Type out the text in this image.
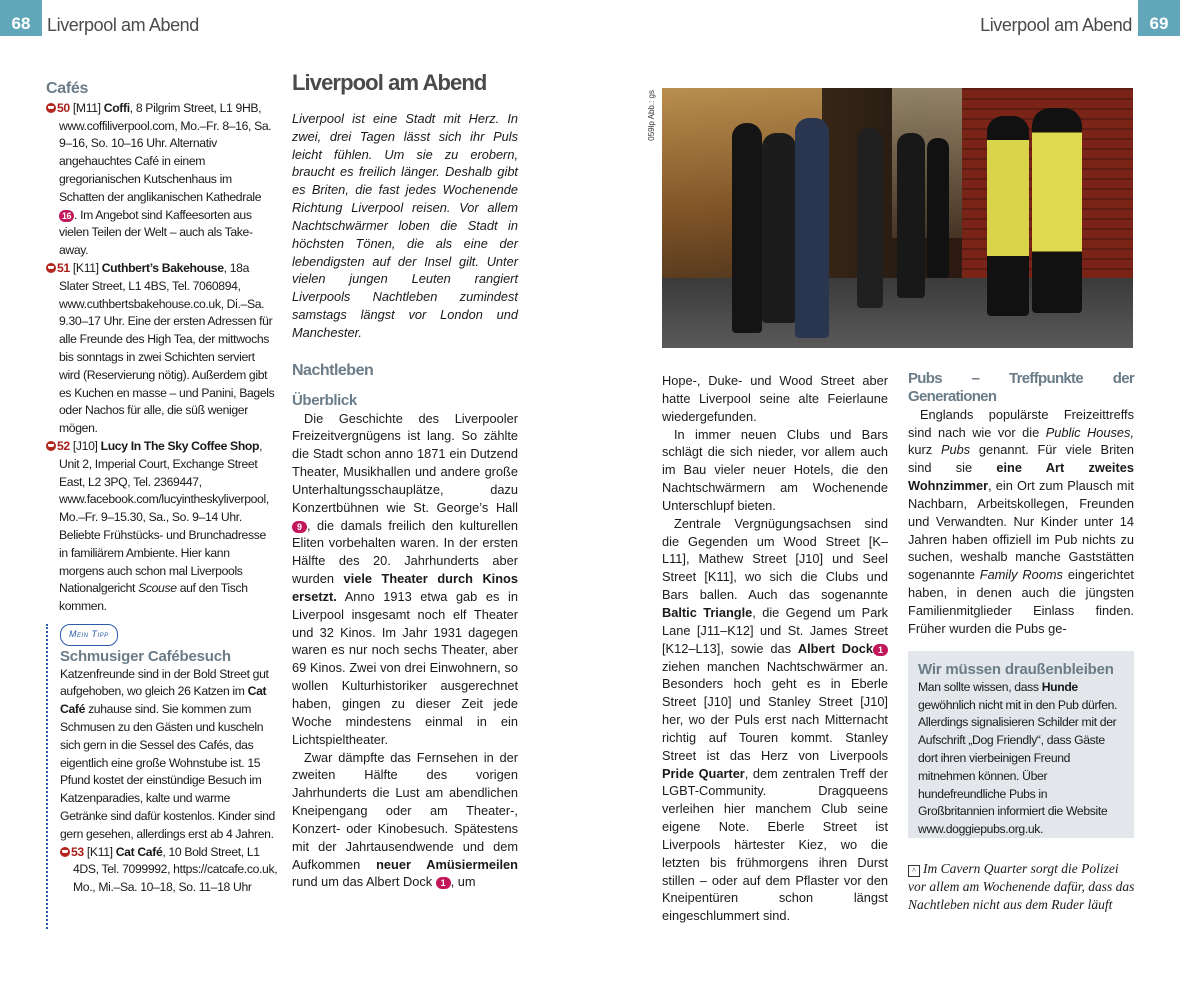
68 Liverpool am Abend	Liverpool am Abend	69
Cafés

50 [M11] Coffi, 8 Pilgrim Street, L1 9HB, www.coffiliverpool.com, Mo.–Fr. 8–16, Sa. 9–16, So. 10–16 Uhr. Alternativ angehauchtes Café in einem gregorianischen Kutschenhaus im Schatten der anglikanischen Kathedrale 16 . Im Angebot sind Kaffeesorten aus vielen Teilen der Welt – auch als Take-away.

51 [K11] Cuthbert’s Bakehouse, 18a Slater Street, L1 4BS, Tel. 7060894, www.cuthbertsbakehouse.co.uk, Di.–Sa. 9.30–17 Uhr. Eine der ersten Adressen für alle Freunde des High Tea, der mittwochs bis sonntags in zwei Schichten serviert wird (Reservierung nötig). Außerdem gibt es Kuchen en masse – und Panini, Bagels oder Nachos für alle, die süß weniger mögen.

52 [J10] Lucy In The Sky Coffee Shop, Unit 2, Imperial Court, Exchange Street East, L2 3PQ, Tel. 2369447, www.facebook.com/lucyintheskyliverpool, Mo.–Fr. 9–15.30, Sa., So. 9–14 Uhr. Beliebte Frühstücks- und Brunchadresse in familiärem Ambiente. Hier kann morgens auch schon mal Liverpools Nationalgericht Scouse auf den Tisch kommen.

Mein Tipp
Schmusiger Cafébesuch

Katzenfreunde sind in der Bold Street gut aufgehoben, wo gleich 26 Katzen im Cat Café zuhause sind. Sie kommen zum Schmusen zu den Gästen und kuscheln sich gern in die Sessel des Cafés, das eigentlich eine große Wohnstube ist. 15 Pfund kostet der einstündige Besuch im Katzenparadies, kalte und warme Getränke sind dafür kostenlos. Kinder sind gern gesehen, allerdings erst ab 4 Jahren.

53 [K11] Cat Café, 10 Bold Street, L1 4DS, Tel. 7099992, https://catcafe.co.uk, Mo., Mi.–Sa. 10–18, So. 11–18 Uhr

Liverpool am Abend

Liverpool ist eine Stadt mit Herz. In zwei, drei Tagen lässt sich ihr Puls leicht fühlen. Um sie zu erobern, braucht es freilich länger. Deshalb gibt es Briten, die fast jedes Wochenende Richtung Liverpool reisen. Vor allem Nachtschwärmer loben die Stadt in höchsten Tönen, die als eine der lebendigsten auf der Insel gilt. Unter vielen jungen Leuten rangiert Liverpools Nachtleben zumindest samstags längst vor London und Manchester.

Nachtleben
Überblick

Die Geschichte des Liverpooler Freizeitvergnügens ist lang. So zählte die Stadt schon anno 1871 ein Dutzend Theater, Musikhallen und andere große Unterhaltungsschauplätze, dazu Konzertbühnen wie St. George’s Hall 9 , die damals freilich den kulturellen Eliten vorbehalten waren. In der ersten Hälfte des 20. Jahrhunderts aber wurden viele Theater durch Kinos ersetzt. Anno 1913 etwa gab es in Liverpool insgesamt noch elf Theater und 32 Kinos. Im Jahr 1931 dagegen waren es nur noch sechs Theater, aber 69 Kinos. Zwei von drei Einwohnern, so wollen Kulturhistoriker ausgerechnet haben, gingen zu dieser Zeit jede Woche mindestens einmal in ein Lichtspieltheater.

Zwar dämpfte das Fernsehen in der zweiten Hälfte des vorigen Jahrhunderts die Lust am abendlichen Kneipengang oder am Theater-, Konzert- oder Kinobesuch. Spätestens mit der Jahrtausendwende und dem Aufkommen neuer Amüsiermeilen rund um das Albert Dock 1 , um

059lp Abb.: gs

Hope-, Duke- und Wood Street aber hatte Liverpool seine alte Feierlaune wiedergefunden.

In immer neuen Clubs und Bars schlägt die sich nieder, vor allem auch im Bau vieler neuer Hotels, die den Nachtschwärmern am Wochenende Unterschlupf bieten.

Zentrale Vergnügungsachsen sind die Gegenden um Wood Street [K–L11], Mathew Street [J10] und Seel Street [K11], wo sich die Clubs und Bars ballen. Auch das sogenannte Baltic Triangle, die Gegend um Park Lane [J11–K12] und St. James Street [K12–L13], sowie das Albert Dock 1 ziehen manchen Nachtschwärmer an. Besonders hoch geht es in Eberle Street [J10] und Stanley Street [J10] her, wo der Puls erst nach Mitternacht richtig auf Touren kommt. Stanley Street ist das Herz von Liverpools Pride Quarter, dem zentralen Treff der LGBT-Community. Dragqueens verleihen hier manchem Club seine eigene Note. Eberle Street ist Liverpools härtester Kiez, wo die letzten bis frühmorgens ihren Durst stillen – oder auf dem Pflaster vor den Kneipentüren schon längst eingeschlummert sind.

Pubs – Treffpunkte der Generationen

Englands populärste Freizeittreffs sind nach wie vor die Public Houses, kurz Pubs genannt. Für viele Briten sind sie eine Art zweites Wohnzimmer, ein Ort zum Plausch mit Nachbarn, Arbeitskollegen, Freunden und Verwandten. Nur Kinder unter 14 Jahren haben offiziell im Pub nichts zu suchen, weshalb manche Gaststätten sogenannte Family Rooms eingerichtet haben, in denen auch die jüngsten Familienmitglieder Einlass finden. Früher wurden die Pubs ge-

Wir müssen draußenbleiben

Man sollte wissen, dass Hunde gewöhnlich nicht mit in den Pub dürfen. Allerdings signalisieren Schilder mit der Aufschrift „Dog Friendly“, dass Gäste dort ihren vierbeinigen Freund mitnehmen können. Über hundefreundliche Pubs in Großbritannien informiert die Website www.doggiepubs.org.uk.

^ Im Cavern Quarter sorgt die Polizei vor allem am Wochenende dafür, dass das Nachtleben nicht aus dem Ruder läuft
